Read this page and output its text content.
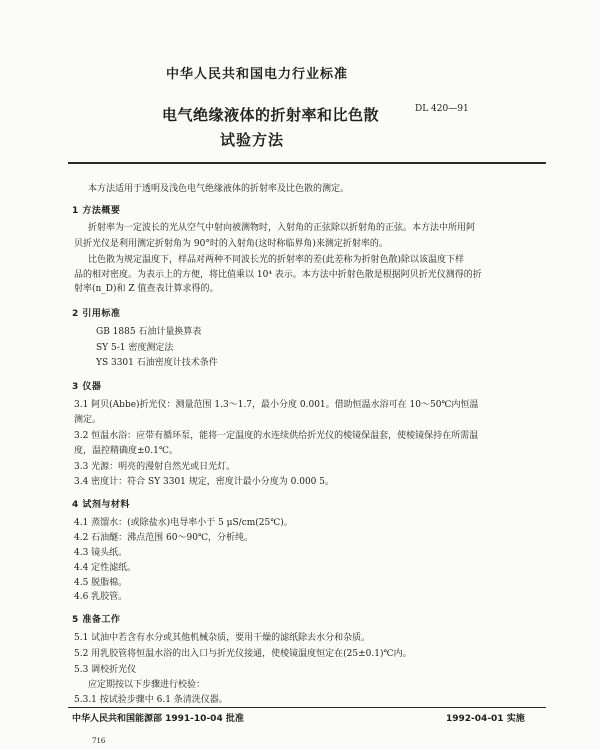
中华人民共和国电力行业标准
电气绝缘液体的折射率和比色散
试验方法
DL 420—91
本方法适用于透明及浅色电气绝缘液体的折射率及比色散的测定。
1 方法概要
折射率为一定波长的光从空气中射向被测物时，入射角的正弦除以折射角的正弦。本方法中所用阿
贝折光仪是利用测定折射角为 90°时的入射角(这时称临界角)来测定折射率的。
比色散为规定温度下，样品对两种不同波长光的折射率的差(此差称为折射色散)除以该温度下样
品的相对密度。为表示上的方便，将比值乘以 10⁴ 表示。本方法中折射色散是根据阿贝折光仪测得的折
射率(n_D)和 Z 值查表计算求得的。
2 引用标准
GB 1885 石油计量换算表
SY 5-1 密度测定法
YS 3301 石油密度计技术条件
3 仪器
3.1 阿贝(Abbe)折光仪：测量范围 1.3～1.7，最小分度 0.001。借助恒温水浴可在 10～50℃内恒温
测定。
3.2 恒温水浴：应带有循环泵，能将一定温度的水连续供给折光仪的棱镜保温套，使棱镜保持在所需温
度，温控精确度±0.1℃。
3.3 光源：明亮的漫射自然光或日光灯。
3.4 密度计：符合 SY 3301 规定，密度计最小分度为 0.000 5。
4 试剂与材料
4.1 蒸馏水：(或除盐水)电导率小于 5 μS/cm(25℃)。
4.2 石油醚：沸点范围 60～90℃，分析纯。
4.3 镜头纸。
4.4 定性滤纸。
4.5 脱脂棉。
4.6 乳胶管。
5 准备工作
5.1 试油中若含有水分或其他机械杂质，要用干燥的滤纸除去水分和杂质。
5.2 用乳胶管将恒温水浴的出入口与折光仪接通，使棱镜温度恒定在(25±0.1)℃内。
5.3 调校折光仪
应定期按以下步骤进行校验：
5.3.1 按试验步骤中 6.1 条清洗仪器。
中华人民共和国能源部 1991-10-04 批准	1992-04-01 实施
716
